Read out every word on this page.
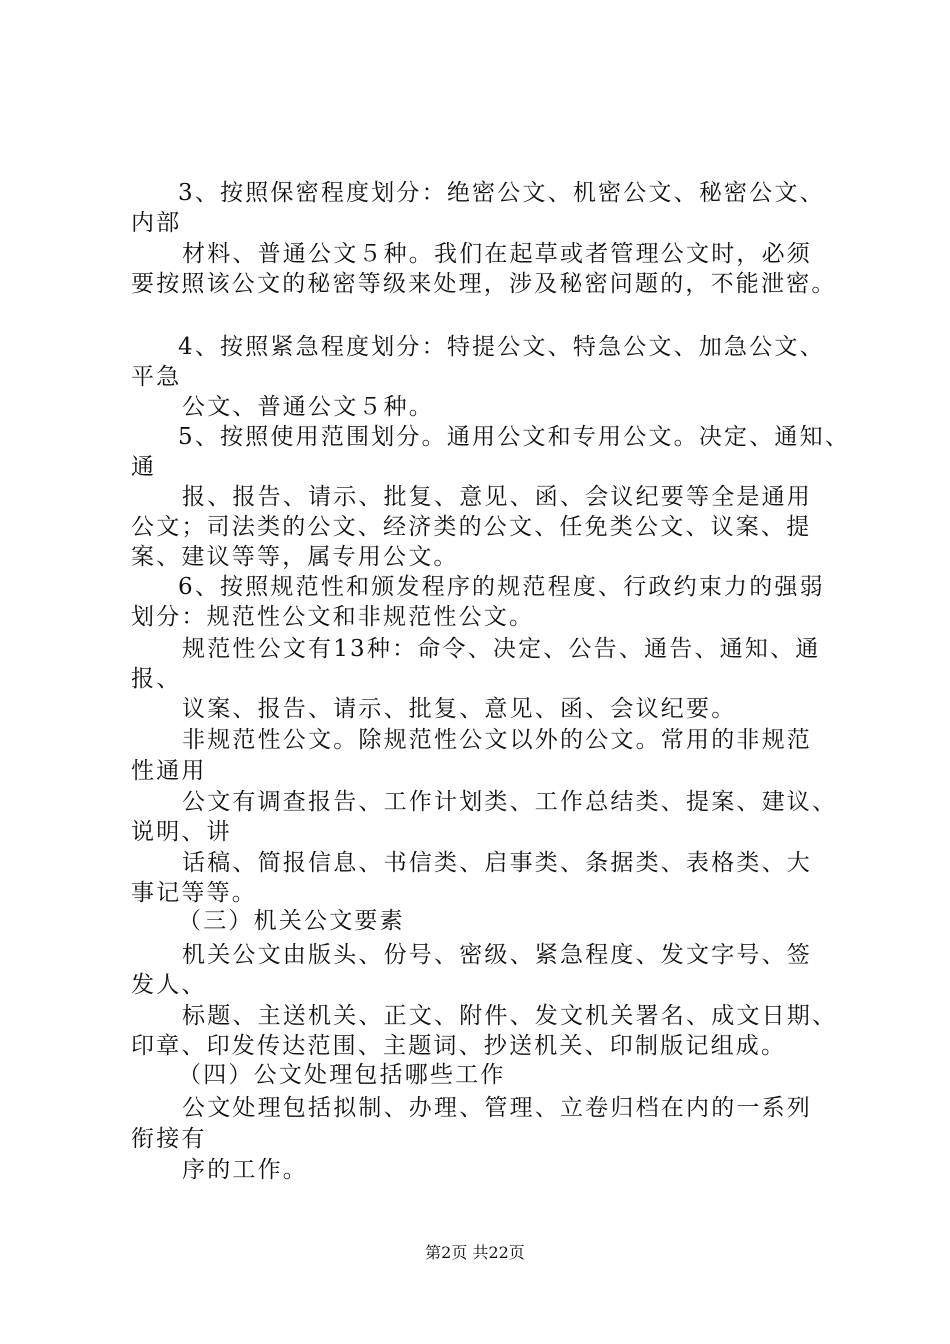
3、按照保密程度划分：绝密公文、机密公文、秘密公文、
内部
材料、普通公文５种。我们在起草或者管理公文时，必须
要按照该公文的秘密等级来处理，涉及秘密问题的，不能泄密。
4、按照紧急程度划分：特提公文、特急公文、加急公文、
平急
公文、普通公文５种。
5、按照使用范围划分。通用公文和专用公文。决定、通知、
通
报、报告、请示、批复、意见、函、会议纪要等全是通用
公文；司法类的公文、经济类的公文、任免类公文、议案、提
案、建议等等，属专用公文。
6、按照规范性和颁发程序的规范程度、行政约束力的强弱
划分：规范性公文和非规范性公文。
规范性公文有13种：命令、决定、公告、通告、通知、通
报、
议案、报告、请示、批复、意见、函、会议纪要。
非规范性公文。除规范性公文以外的公文。常用的非规范
性通用
公文有调查报告、工作计划类、工作总结类、提案、建议、
说明、讲
话稿、简报信息、书信类、启事类、条据类、表格类、大
事记等等。
（三）机关公文要素
机关公文由版头、份号、密级、紧急程度、发文字号、签
发人、
标题、主送机关、正文、附件、发文机关署名、成文日期、
印章、印发传达范围、主题词、抄送机关、印制版记组成。
（四）公文处理包括哪些工作
公文处理包括拟制、办理、管理、立卷归档在内的一系列
衔接有
序的工作。
第2页 共22页
